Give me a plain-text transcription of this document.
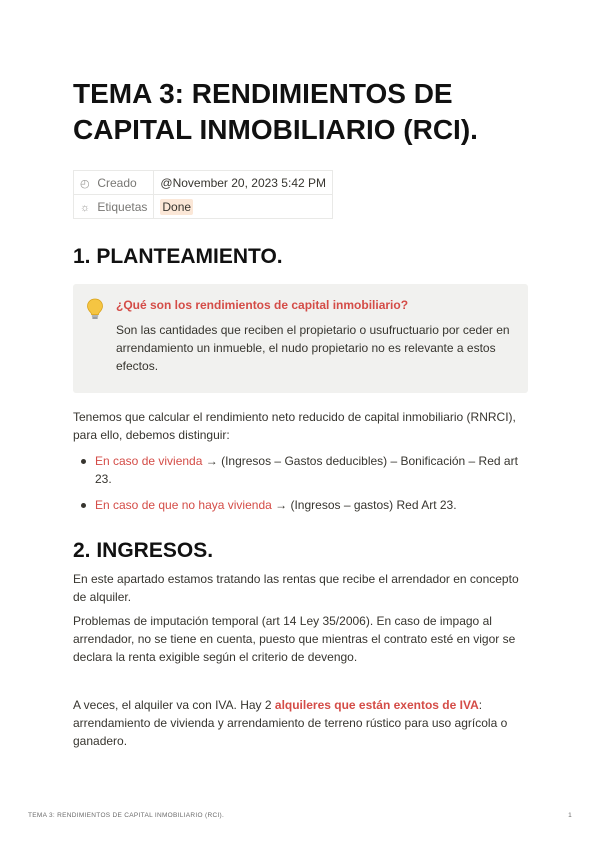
TEMA 3: RENDIMIENTOS DE CAPITAL INMOBILIARIO (RCI).
◴ Creado	@November 20, 2023 5:42 PM
☼ Etiquetas	Done
1. PLANTEAMIENTO.
¿Qué son los rendimientos de capital inmobiliario?
Son las cantidades que reciben el propietario o usufructuario por ceder en arrendamiento un inmueble, el nudo propietario no es relevante a estos efectos.

Tenemos que calcular el rendimiento neto reducido de capital inmobiliario (RNRCI), para ello, debemos distinguir:

En caso de vivienda → (Ingresos – Gastos deducibles) – Bonificación – Red art 23.
En caso de que no haya vivienda → (Ingresos – gastos) Red Art 23.
2. INGRESOS.

En este apartado estamos tratando las rentas que recibe el arrendador en concepto de alquiler.

Problemas de imputación temporal (art 14 Ley 35/2006). En caso de impago al arrendador, no se tiene en cuenta, puesto que mientras el contrato esté en vigor se declara la renta exigible según el criterio de devengo.

A veces, el alquiler va con IVA. Hay 2 alquileres que están exentos de IVA: arrendamiento de vivienda y arrendamiento de terreno rústico para uso agrícola o ganadero.

TEMA 3: RENDIMIENTOS DE CAPITAL INMOBILIARIO (RCI).	1
